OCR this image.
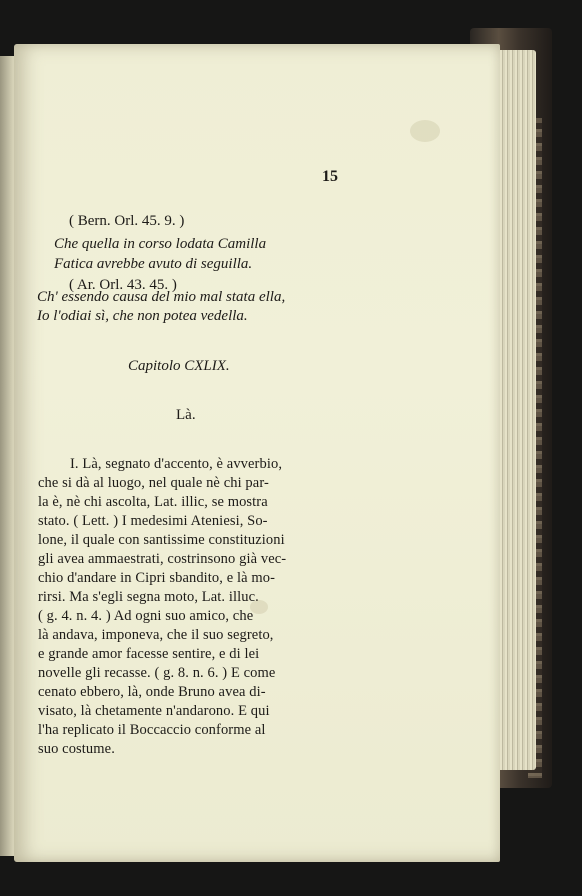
15
( Bern. Orl. 45. 9. )
Che quella in corso lodata Camilla
Fatica avrebbe avuto di seguilla.
( Ar. Orl. 43. 45. )
Ch' essendo causa del mio mal stata ella,
Io l'odiai sì, che non potea vedella.
Capitolo CXLIX.
Là.
I. Là, segnato d'accento, è avverbio,
che si dà al luogo, nel quale nè chi par-
la è, nè chi ascolta, Lat. illic, se mostra
stato. ( Lett. ) I medesimi Ateniesi, So-
lone, il quale con santissime constituzioni
gli avea ammaestrati, costrinsono già vec-
chio d'andare in Cipri sbandito, e là mo-
rirsi. Ma s'egli segna moto, Lat. illuc.
( g. 4. n. 4. ) Ad ogni suo amico, che
là andava, imponeva, che il suo segreto,
e grande amor facesse sentire, e di lei
novelle gli recasse. ( g. 8. n. 6. ) E come
cenato ebbero, là, onde Bruno avea di-
visato, là chetamente n'andarono. E qui
l'ha replicato il Boccaccio conforme al
suo costume.
